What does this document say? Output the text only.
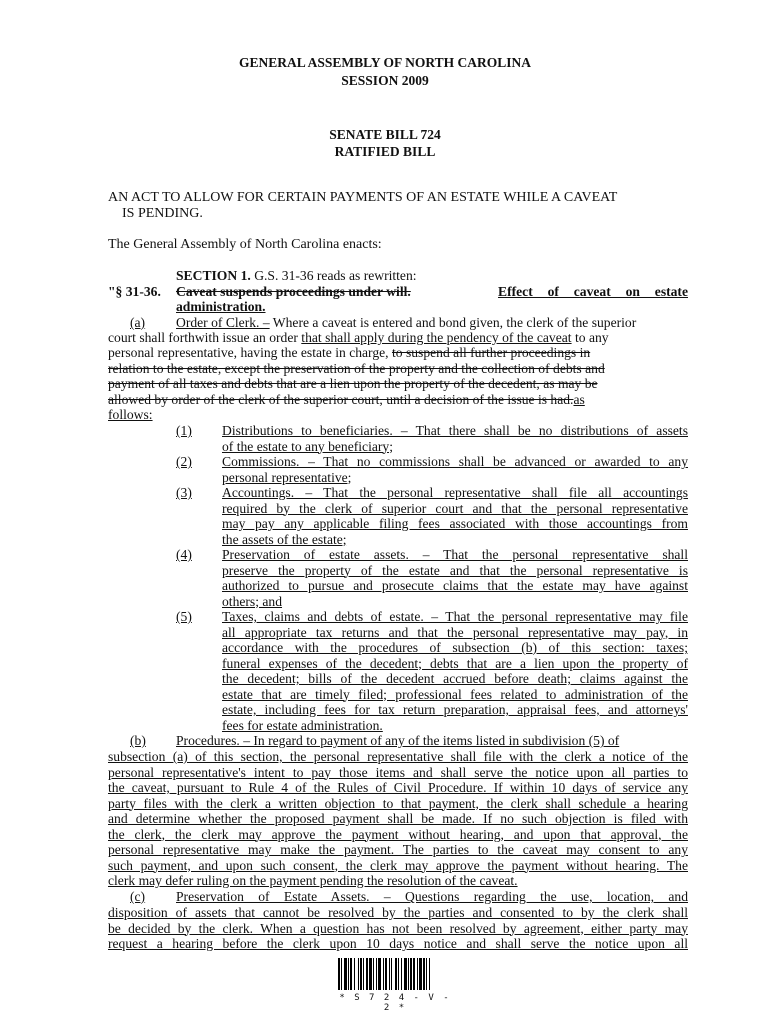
GENERAL ASSEMBLY OF NORTH CAROLINA
SESSION 2009
SENATE BILL 724
RATIFIED BILL
AN ACT TO ALLOW FOR CERTAIN PAYMENTS OF AN ESTATE WHILE A CAVEAT
IS PENDING.
The General Assembly of North Carolina enacts:
SECTION 1. G.S. 31-36 reads as rewritten:
"§ 31-36. Caveat suspends proceedings under will.	Effect of caveat on estate
administration.
(a) Order of Clerk. – Where a caveat is entered and bond given, the clerk of the superior
court shall forthwith issue an order that shall apply during the pendency of the caveat to any
personal representative, having the estate in charge, to suspend all further proceedings in
relation to the estate, except the preservation of the property and the collection of debts and
payment of all taxes and debts that are a lien upon the property of the decedent, as may be
allowed by order of the clerk of the superior court, until a decision of the issue is had.as
follows:
(1) Distributions to beneficiaries. – That there shall be no distributions of assets
of the estate to any beneficiary;
(2) Commissions. – That no commissions shall be advanced or awarded to any
personal representative;
(3) Accountings. – That the personal representative shall file all accountings
required by the clerk of superior court and that the personal representative
may pay any applicable filing fees associated with those accountings from
the assets of the estate;
(4) Preservation of estate assets. – That the personal representative shall
preserve the property of the estate and that the personal representative is
authorized to pursue and prosecute claims that the estate may have against
others; and
(5) Taxes, claims and debts of estate. – That the personal representative may file
all appropriate tax returns and that the personal representative may pay, in
accordance with the procedures of subsection (b) of this section: taxes;
funeral expenses of the decedent; debts that are a lien upon the property of
the decedent; bills of the decedent accrued before death; claims against the
estate that are timely filed; professional fees related to administration of the
estate, including fees for tax return preparation, appraisal fees, and attorneys'
fees for estate administration.
(b) Procedures. – In regard to payment of any of the items listed in subdivision (5) of
subsection (a) of this section, the personal representative shall file with the clerk a notice of the
personal representative's intent to pay those items and shall serve the notice upon all parties to
the caveat, pursuant to Rule 4 of the Rules of Civil Procedure. If within 10 days of service any
party files with the clerk a written objection to that payment, the clerk shall schedule a hearing
and determine whether the proposed payment shall be made. If no such objection is filed with
the clerk, the clerk may approve the payment without hearing, and upon that approval, the
personal representative may make the payment. The parties to the caveat may consent to any
such payment, and upon such consent, the clerk may approve the payment without hearing. The
clerk may defer ruling on the payment pending the resolution of the caveat.
(c) Preservation of Estate Assets. – Questions regarding the use, location, and
disposition of assets that cannot be resolved by the parties and consented to by the clerk shall
be decided by the clerk. When a question has not been resolved by agreement, either party may
request a hearing before the clerk upon 10 days notice and shall serve the notice upon all
* S 7 2 4 - V - 2 *
